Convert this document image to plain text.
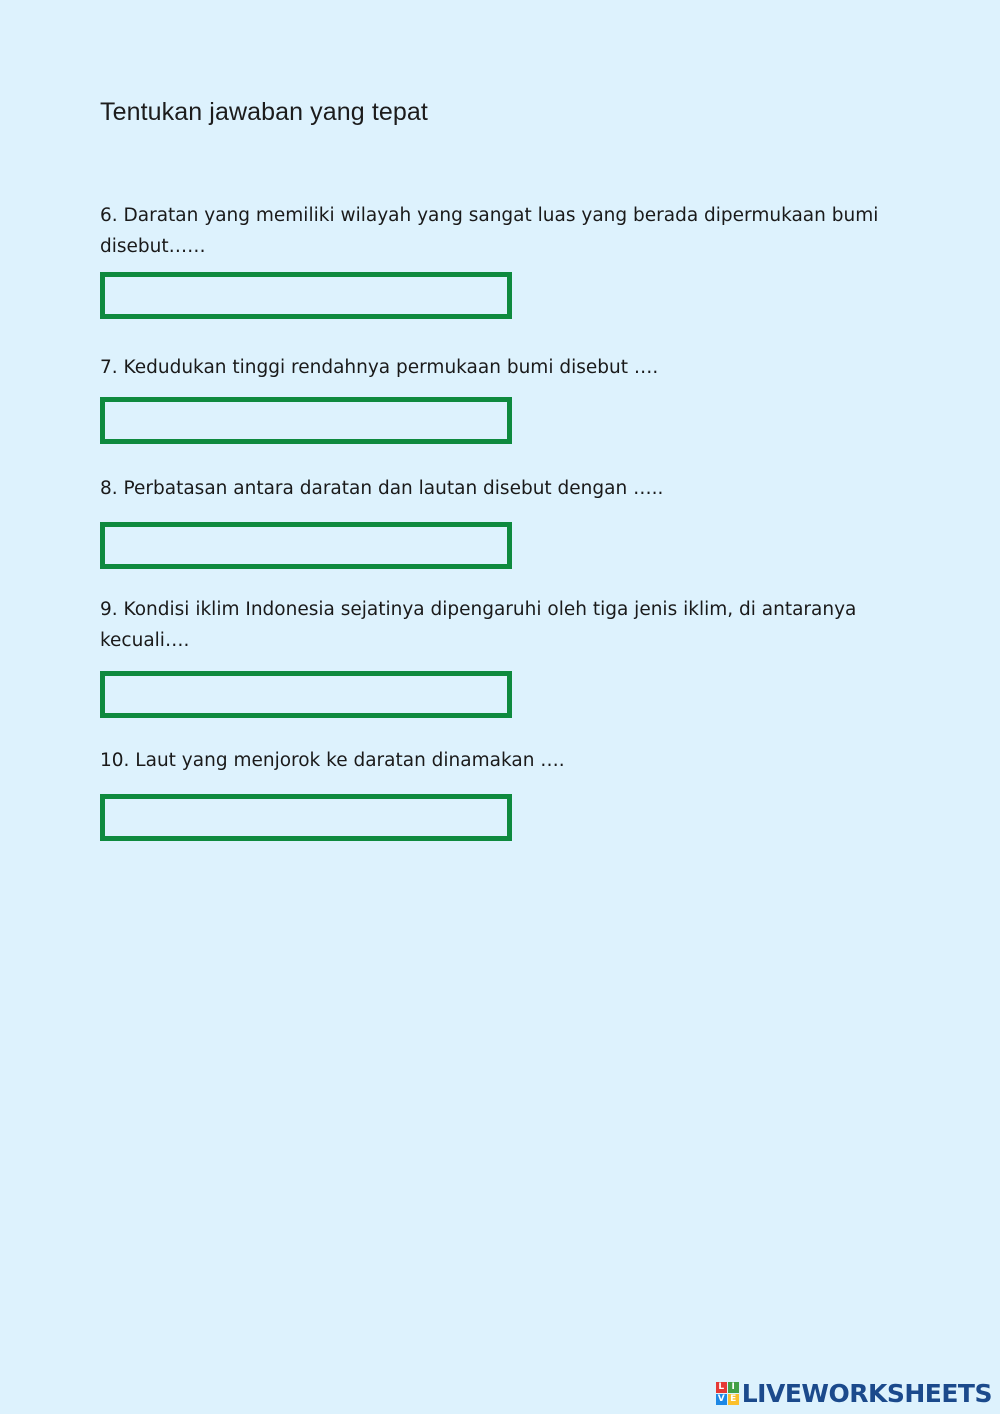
Tentukan jawaban yang tepat
6. Daratan yang memiliki wilayah yang sangat luas yang berada dipermukaan bumi disebut……
7. Kedudukan tinggi rendahnya permukaan bumi disebut ….
8. Perbatasan antara daratan dan lautan disebut dengan …..
9. Kondisi iklim Indonesia sejatinya dipengaruhi oleh tiga jenis iklim, di antaranya kecuali….
10. Laut yang menjorok ke daratan dinamakan ….
L I
V E LIVEWORKSHEETS
